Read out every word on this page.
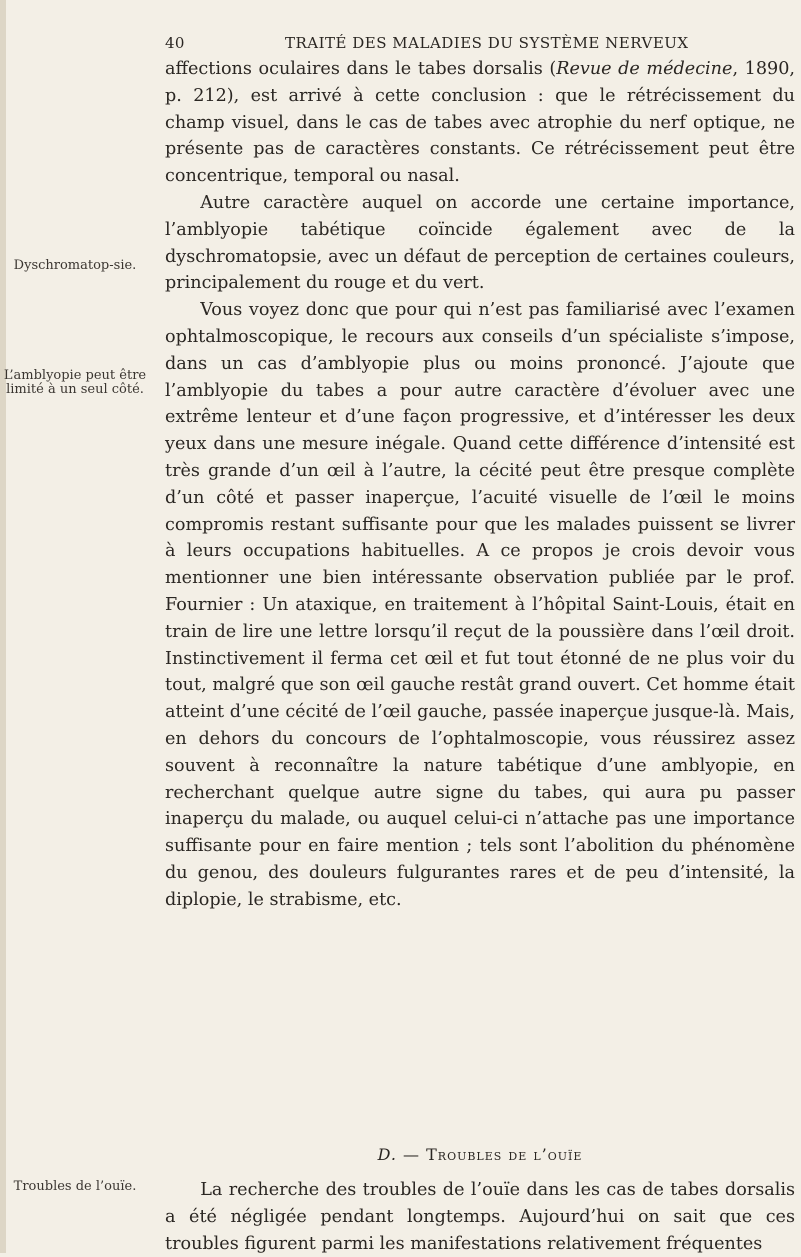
40	TRAITÉ DES MALADIES DU SYSTÈME NERVEUX
Dyschromatop-sie.
L’amblyopie peut être limité à un seul côté.
Troubles de l’ouïe.

affections oculaires dans le tabes dorsalis (Revue de médecine, 1890, p. 212), est arrivé à cette conclusion : que le rétrécissement du champ visuel, dans le cas de tabes avec atrophie du nerf optique, ne présente pas de caractères constants. Ce rétrécissement peut être concentrique, temporal ou nasal.

Autre caractère auquel on accorde une certaine importance, l’amblyopie tabétique coïncide également avec de la dyschromatopsie, avec un défaut de perception de certaines couleurs, principalement du rouge et du vert.

Vous voyez donc que pour qui n’est pas familiarisé avec l’examen ophtalmoscopique, le recours aux conseils d’un spécialiste s’impose, dans un cas d’amblyopie plus ou moins prononcé. J’ajoute que l’amblyopie du tabes a pour autre caractère d’évoluer avec une extrême lenteur et d’une façon progressive, et d’intéresser les deux yeux dans une mesure inégale. Quand cette différence d’intensité est très grande d’un œil à l’autre, la cécité peut être presque complète d’un côté et passer inaperçue, l’acuité visuelle de l’œil le moins compromis restant suffisante pour que les malades puissent se livrer à leurs occupations habituelles. A ce propos je crois devoir vous mentionner une bien intéressante observation publiée par le prof. Fournier : Un ataxique, en traitement à l’hôpital Saint-Louis, était en train de lire une lettre lorsqu’il reçut de la poussière dans l’œil droit. Instinctivement il ferma cet œil et fut tout étonné de ne plus voir du tout, malgré que son œil gauche restât grand ouvert. Cet homme était atteint d’une cécité de l’œil gauche, passée inaperçue jusque-là. Mais, en dehors du concours de l’ophtalmoscopie, vous réussirez assez souvent à reconnaître la nature tabétique d’une amblyopie, en recherchant quelque autre signe du tabes, qui aura pu passer inaperçu du malade, ou auquel celui-ci n’attache pas une importance suffisante pour en faire mention ; tels sont l’abolition du phénomène du genou, des douleurs fulgurantes rares et de peu d’intensité, la diplopie, le strabisme, etc.

D. — Troubles de l’ouïe

La recherche des troubles de l’ouïe dans les cas de tabes dorsalis a été négligée pendant longtemps. Aujourd’hui on sait que ces troubles figurent parmi les manifestations relativement fréquentes
